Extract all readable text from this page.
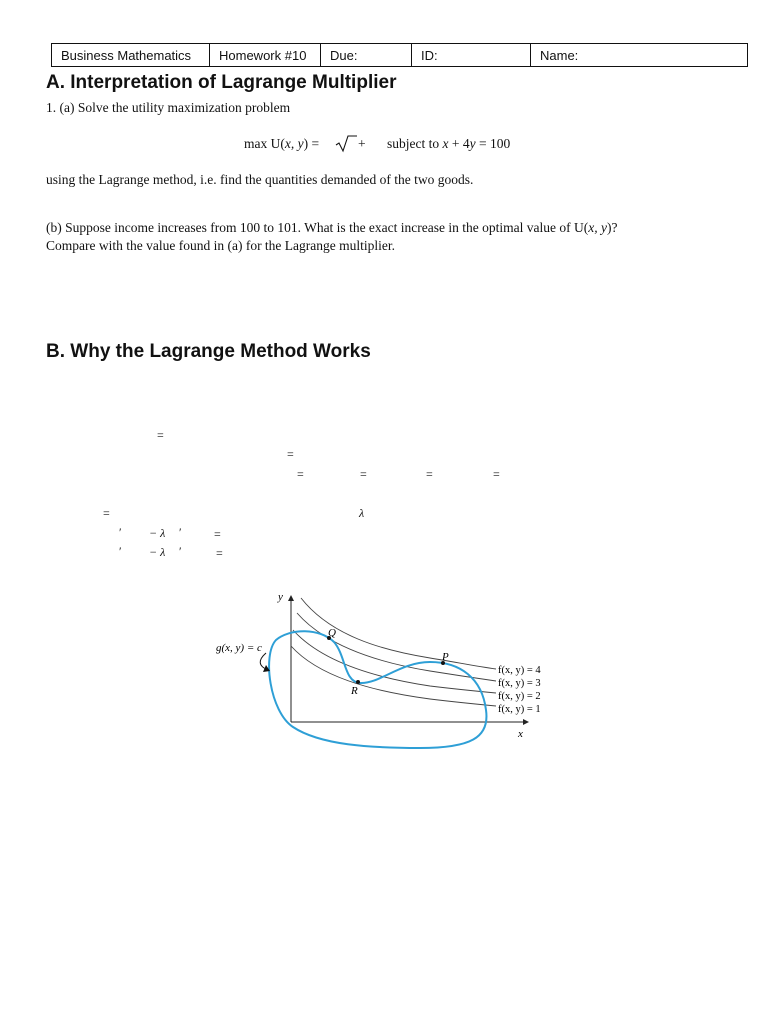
Business Mathematics	Homework #10	Due:	ID:	Name:
A. Interpretation of Lagrange Multiplier
1. (a) Solve the utility maximization problem
max U(x, y) =	+ subject to x + 4y = 100
using the Lagrange method, i.e. find the quantities demanded of the two goods.
(b) Suppose income increases from 100 to 101. What is the exact increase in the optimal value of U(x, y)?
Compare with the value found in (a) for the Lagrange multiplier.
B. Why the Lagrange Method Works
=
=
=	=	=	=
=	λ
′ − λ ′	=
′ − λ ′	=
y
x
Q
P
R
g(x, y) = c
f(x, y) = 4
f(x, y) = 3
f(x, y) = 2
f(x, y) = 1
